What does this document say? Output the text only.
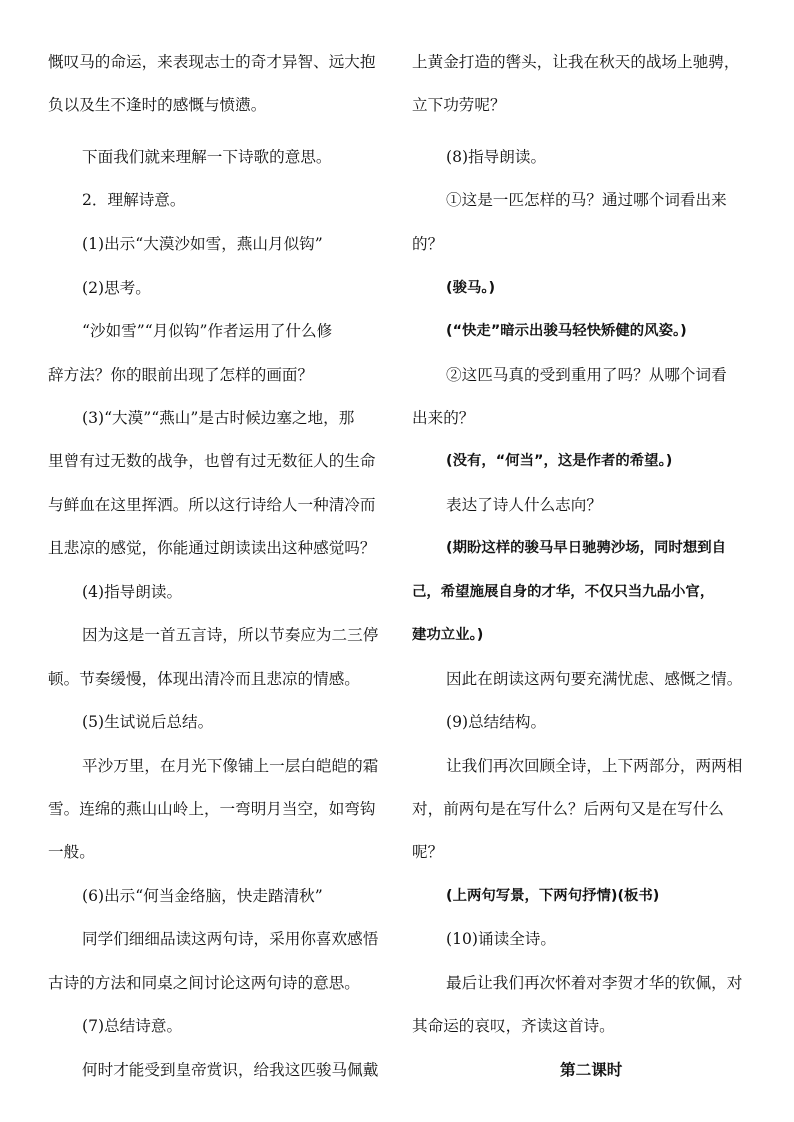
慨叹马的命运，来表现志士的奇才异智、远大抱
负以及生不逢时的感慨与愤懑。
下面我们就来理解一下诗歌的意思。
2．理解诗意。
(1)出示“大漠沙如雪，燕山月似钩”
(2)思考。
“沙如雪”“月似钩”作者运用了什么修
辞方法？你的眼前出现了怎样的画面？
(3)“大漠”“燕山”是古时候边塞之地，那
里曾有过无数的战争，也曾有过无数征人的生命
与鲜血在这里挥洒。所以这行诗给人一种清冷而
且悲凉的感觉，你能通过朗读读出这种感觉吗？
(4)指导朗读。
因为这是一首五言诗，所以节奏应为二三停
顿。节奏缓慢，体现出清冷而且悲凉的情感。
(5)生试说后总结。
平沙万里，在月光下像铺上一层白皑皑的霜
雪。连绵的燕山山岭上，一弯明月当空，如弯钩
一般。
(6)出示“何当金络脑，快走踏清秋”
同学们细细品读这两句诗，采用你喜欢感悟
古诗的方法和同桌之间讨论这两句诗的意思。
(7)总结诗意。
何时才能受到皇帝赏识，给我这匹骏马佩戴
上黄金打造的辔头，让我在秋天的战场上驰骋，
立下功劳呢？
(8)指导朗读。
①这是一匹怎样的马？通过哪个词看出来
的？
(骏马。)
(“快走”暗示出骏马轻快矫健的风姿。)
②这匹马真的受到重用了吗？从哪个词看
出来的？
(没有，“何当”，这是作者的希望。)
表达了诗人什么志向？
(期盼这样的骏马早日驰骋沙场，同时想到自
己，希望施展自身的才华，不仅只当九品小官，
建功立业。)
因此在朗读这两句要充满忧虑、感慨之情。
(9)总结结构。
让我们再次回顾全诗，上下两部分，两两相
对，前两句是在写什么？后两句又是在写什么
呢？
(上两句写景，下两句抒情)(板书)
(10)诵读全诗。
最后让我们再次怀着对李贺才华的钦佩，对
其命运的哀叹，齐读这首诗。
第二课时
